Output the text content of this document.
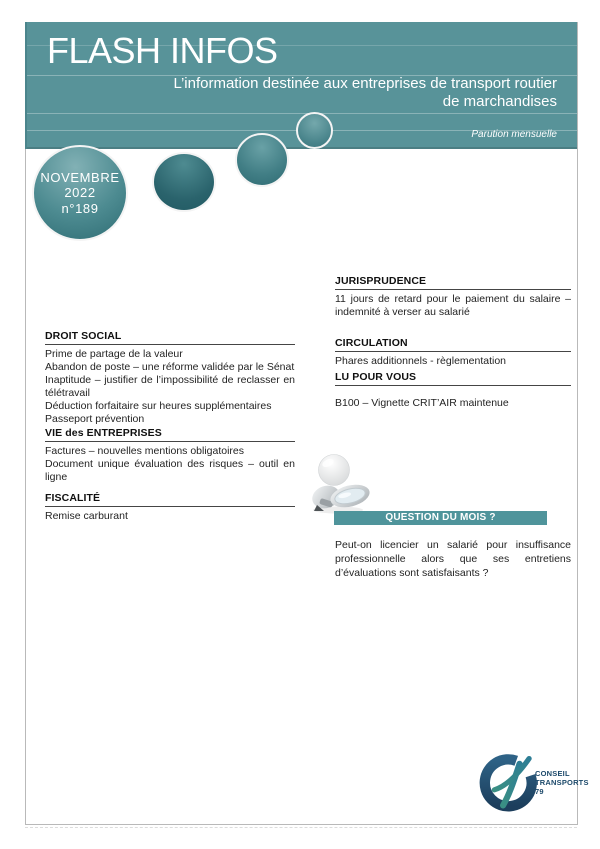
FLASH INFOS
L’information destinée aux entreprises de transport routier
de marchandises
Parution mensuelle
NOVEMBRE
2022
n°189
DROIT SOCIAL

Prime de partage de la valeur

Abandon de poste – une réforme validée par le Sénat

Inaptitude – justifier de l’impossibilité de reclasser en télétravail

Déduction forfaitaire sur heures supplémentaires

Passeport prévention

VIE des ENTREPRISES

Factures – nouvelles mentions obligatoires

Document unique évaluation des risques – outil en ligne

FISCALITÉ

Remise carburant

JURISPRUDENCE

11 jours de retard pour le paiement du salaire – indemnité à verser au salarié

CIRCULATION

Phares additionnels - règlementation

LU POUR VOUS

B100 – Vignette CRIT’AIR maintenue

QUESTION DU MOIS ?
Peut-on licencier un salarié pour insuffisance professionnelle alors que ses entretiens d’évaluations sont satisfaisants ?
CONSEIL
TRANSPORTS
79
